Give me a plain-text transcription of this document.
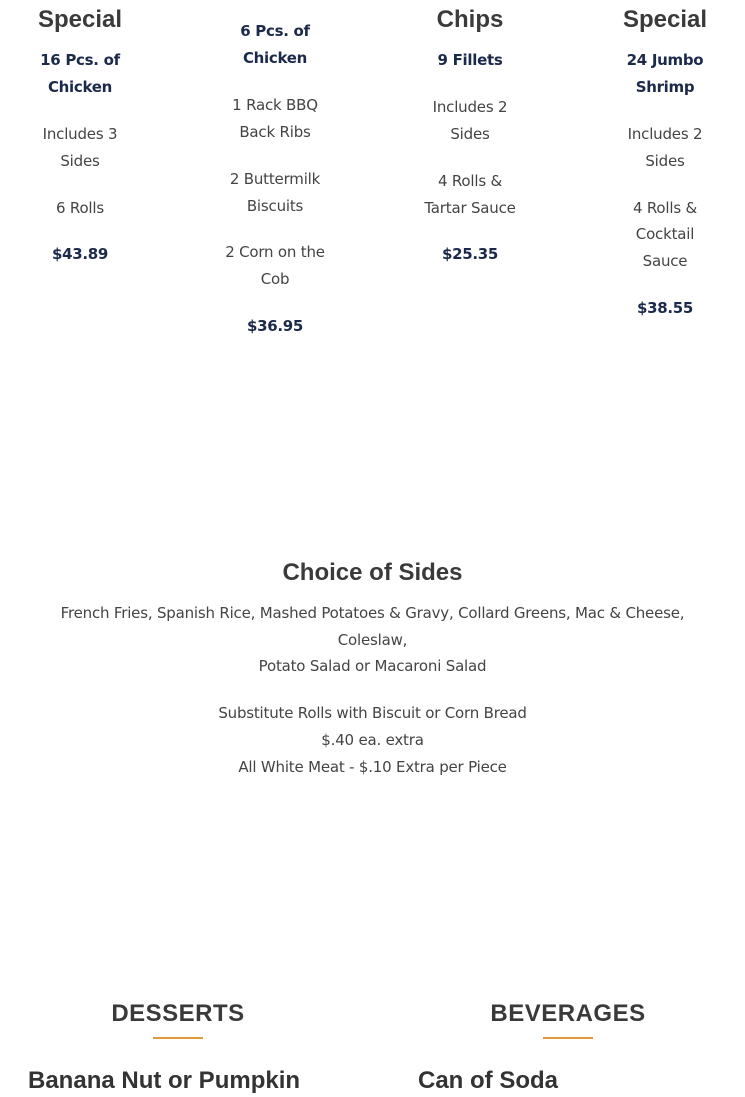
Special
16 Pcs. of
Chicken
Includes 3
Sides
6 Rolls
$43.89
6 Pcs. of
Chicken
1 Rack BBQ
Back Ribs
2 Buttermilk
Biscuits
2 Corn on the
Cob
$36.95
Chips
9 Fillets
Includes 2
Sides
4 Rolls &
Tartar Sauce
$25.35
Special
24 Jumbo
Shrimp
Includes 2
Sides
4 Rolls &
Cocktail
Sauce
$38.55
Choice of Sides
French Fries, Spanish Rice, Mashed Potatoes & Gravy, Collard Greens, Mac & Cheese,
Coleslaw,
Potato Salad or Macaroni Salad
Substitute Rolls with Biscuit or Corn Bread
$.40 ea. extra
All White Meat - $.10 Extra per Piece
DESSERTS
Banana Nut or Pumpkin
BEVERAGES
Can of Soda
